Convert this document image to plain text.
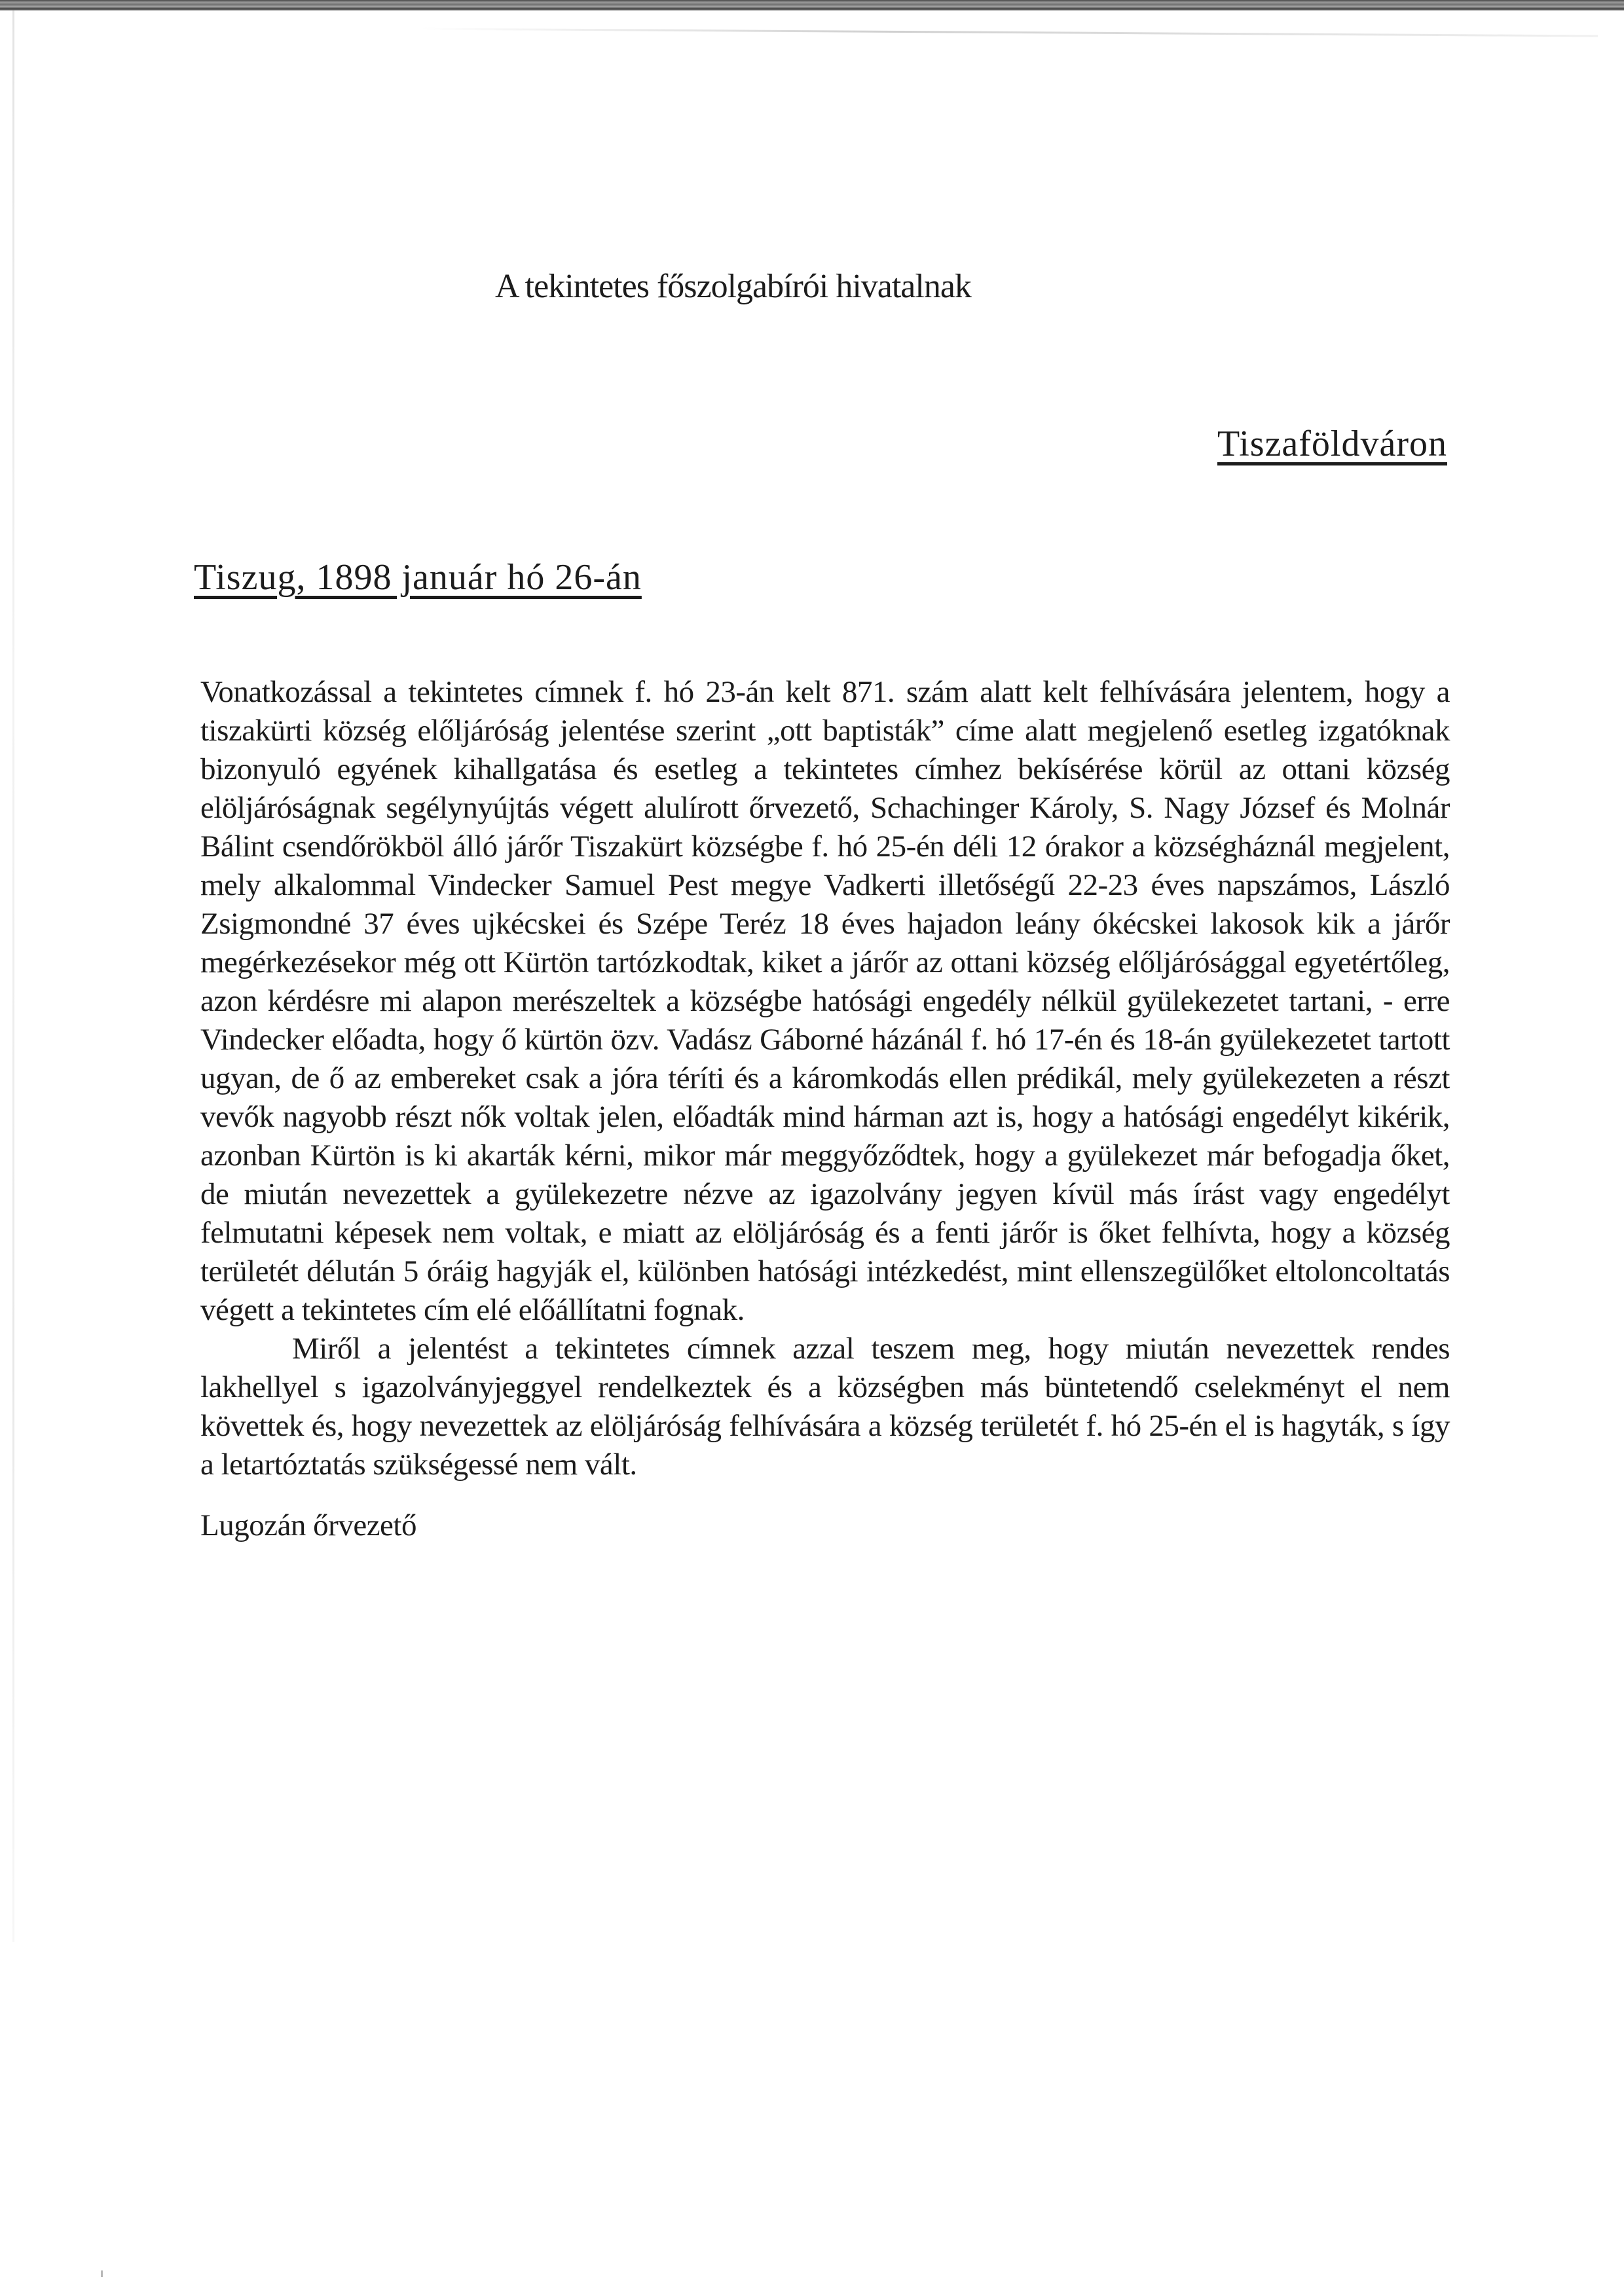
A tekintetes főszolgabírói hivatalnak
Tiszaföldváron
Tiszug, 1898 január hó 26-án

Vonatkozással a tekintetes címnek f. hó 23-án kelt 871. szám alatt kelt felhívására jelentem, hogy a tiszakürti község előljáróság jelentése szerint „ott baptisták” címe alatt megjelenő esetleg izgatóknak bizonyuló egyének kihallgatása és esetleg a tekintetes címhez bekísérése körül az ottani község elöljáróságnak segélynyújtás végett alulírott őrvezető, Schachinger Károly, S. Nagy József és Molnár Bálint csendőrökböl álló járőr Tiszakürt községbe f. hó 25-én déli 12 órakor a községháznál megjelent, mely alkalommal Vindecker Samuel Pest megye Vadkerti illetőségű 22-23 éves napszámos, László Zsigmondné 37 éves ujkécskei és Szépe Teréz 18 éves hajadon leány ókécskei lakosok kik a járőr megérkezésekor még ott Kürtön tartózkodtak, kiket a járőr az ottani község előljárósággal egyetértőleg, azon kérdésre mi alapon merészeltek a községbe hatósági engedély nélkül gyülekezetet tartani, - erre Vindecker előadta, hogy ő kürtön özv. Vadász Gáborné házánál f. hó 17-én és 18-án gyülekezetet tartott ugyan, de ő az embereket csak a jóra téríti és a káromkodás ellen prédikál, mely gyülekezeten a részt vevők nagyobb részt nők voltak jelen, előadták mind hárman azt is, hogy a hatósági engedélyt kikérik, azonban Kürtön is ki akarták kérni, mikor már meggyőződtek, hogy a gyülekezet már befogadja őket, de miután nevezettek a gyülekezetre nézve az igazolvány jegyen kívül más írást vagy engedélyt felmutatni képesek nem voltak, e miatt az elöljáróság és a fenti járőr is őket felhívta, hogy a község területét délután 5 óráig hagyják el, különben hatósági intézkedést, mint ellenszegülőket eltoloncoltatás végett a tekintetes cím elé előállítatni fognak.

Miről a jelentést a tekintetes címnek azzal teszem meg, hogy miután nevezettek rendes lakhellyel s igazolványjeggyel rendelkeztek és a községben más büntetendő cselekményt el nem követtek és, hogy nevezettek az elöljáróság felhívására a község területét f. hó 25-én el is hagyták, s így a letartóztatás szükségessé nem vált.

Lugozán őrvezető
